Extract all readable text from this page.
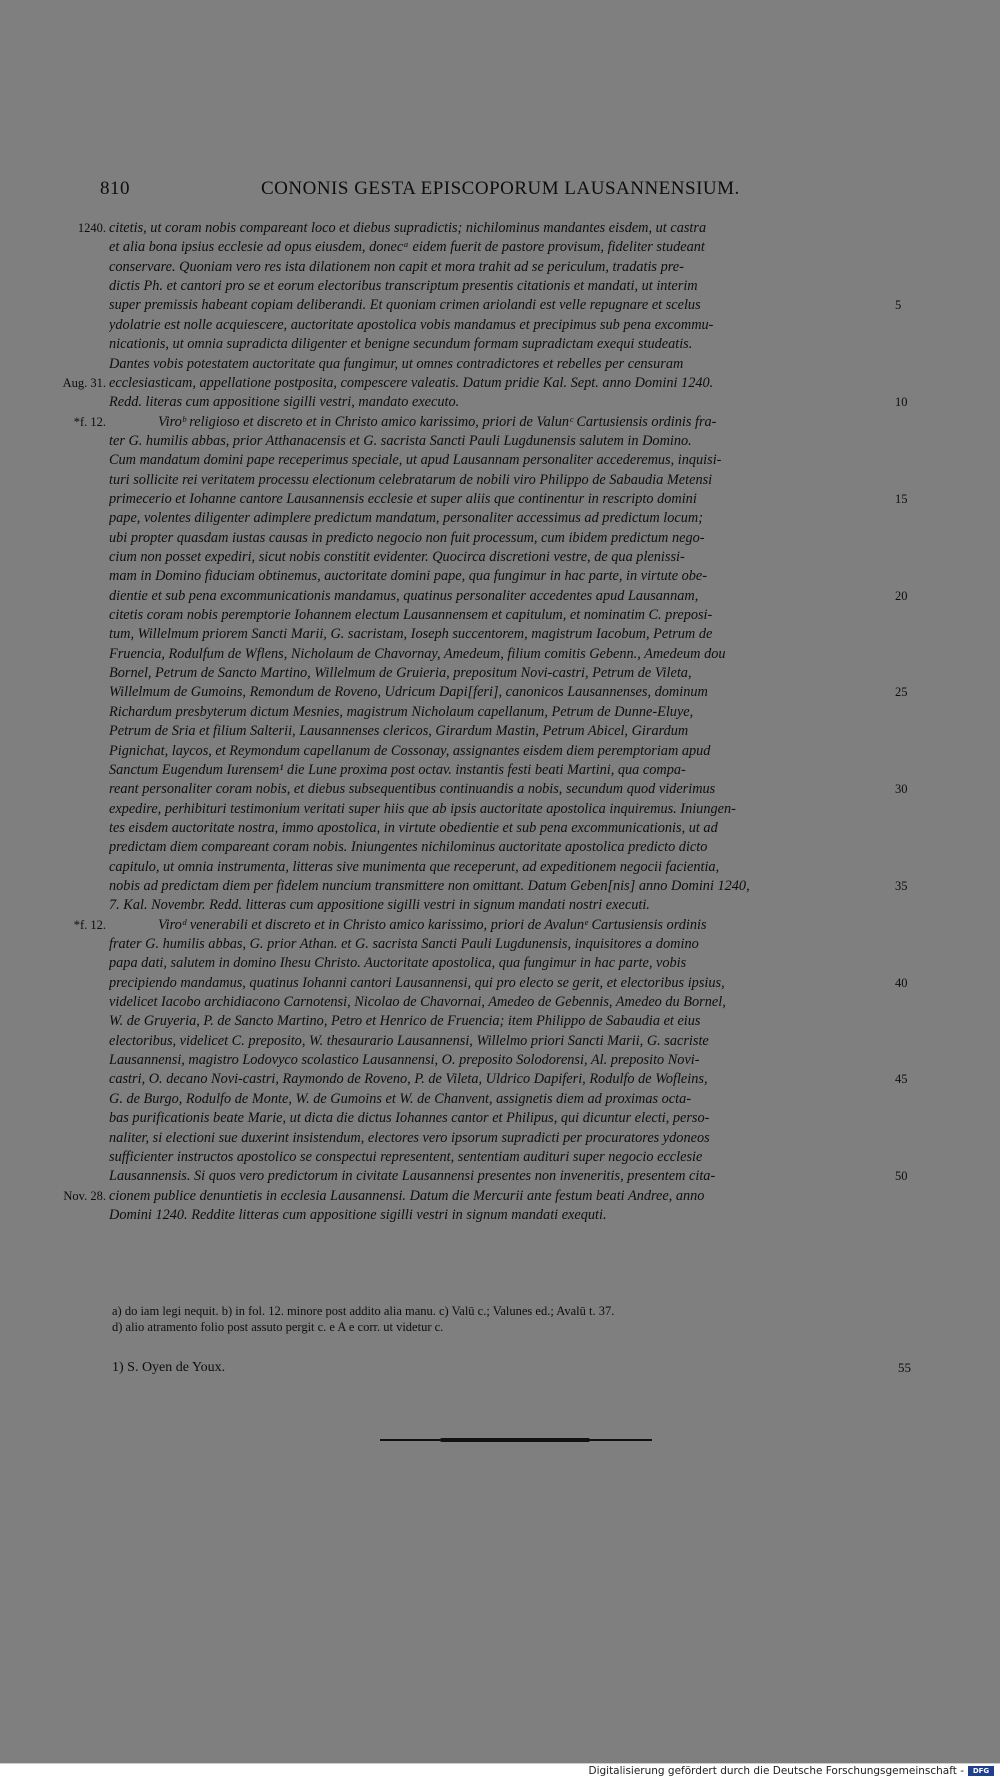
810	CONONIS GESTA EPISCOPORUM LAUSANNENSIUM.
1240. citetis, ut coram nobis compareant loco et diebus supradictis; nichilominus mandantes eisdem, ut castra
et alia bona ipsius ecclesie ad opus eiusdem, donecᵃ eidem fuerit de pastore provisum, fideliter studeant
conservare. Quoniam vero res ista dilationem non capit et mora trahit ad se periculum, tradatis pre-
dictis Ph. et cantori pro se et eorum electoribus transcriptum presentis citationis et mandati, ut interim
super premissis habeant copiam deliberandi. Et quoniam crimen ariolandi est velle repugnare et scelus	5
ydolatrie est nolle acquiescere, auctoritate apostolica vobis mandamus et precipimus sub pena excommu-
nicationis, ut omnia supradicta diligenter et benigne secundum formam supradictam exequi studeatis.
Dantes vobis potestatem auctoritate qua fungimur, ut omnes contradictores et rebelles per censuram
Aug. 31. ecclesiasticam, appellatione postposita, compescere valeatis. Datum pridie Kal. Sept. anno Domini 1240.
Redd. literas cum appositione sigilli vestri, mandato executo.	10
*f. 12.	Viroᵇ religioso et discreto et in Christo amico karissimo, priori de Valunᶜ Cartusiensis ordinis fra-
ter G. humilis abbas, prior Atthanacensis et G. sacrista Sancti Pauli Lugdunensis salutem in Domino.
Cum mandatum domini pape receperimus speciale, ut apud Lausannam personaliter accederemus, inquisi-
turi sollicite rei veritatem processu electionum celebratarum de nobili viro Philippo de Sabaudia Metensi
primecerio et Iohanne cantore Lausannensis ecclesie et super aliis que continentur in rescripto domini	15
pape, volentes diligenter adimplere predictum mandatum, personaliter accessimus ad predictum locum;
ubi propter quasdam iustas causas in predicto negocio non fuit processum, cum ibidem predictum nego-
cium non posset expediri, sicut nobis constitit evidenter. Quocirca discretioni vestre, de qua plenissi-
mam in Domino fiduciam obtinemus, auctoritate domini pape, qua fungimur in hac parte, in virtute obe-
dientie et sub pena excommunicationis mandamus, quatinus personaliter accedentes apud Lausannam,	20
citetis coram nobis peremptorie Iohannem electum Lausannensem et capitulum, et nominatim C. preposi-
tum, Willelmum priorem Sancti Marii, G. sacristam, Ioseph succentorem, magistrum Iacobum, Petrum de
Fruencia, Rodulfum de Wflens, Nicholaum de Chavornay, Amedeum, filium comitis Gebenn., Amedeum dou
Bornel, Petrum de Sancto Martino, Willelmum de Gruieria, prepositum Novi-castri, Petrum de Vileta,
Willelmum de Gumoins, Remondum de Roveno, Udricum Dapi[feri], canonicos Lausannenses, dominum	25
Richardum presbyterum dictum Mesnies, magistrum Nicholaum capellanum, Petrum de Dunne-Eluye,
Petrum de Sria et filium Salterii, Lausannenses clericos, Girardum Mastin, Petrum Abicel, Girardum
Pignichat, laycos, et Reymondum capellanum de Cossonay, assignantes eisdem diem peremptoriam apud
Sanctum Eugendum Iurensem¹ die Lune proxima post octav. instantis festi beati Martini, qua compa-
reant personaliter coram nobis, et diebus subsequentibus continuandis a nobis, secundum quod viderimus	30
expedire, perhibituri testimonium veritati super hiis que ab ipsis auctoritate apostolica inquiremus. Iniungen-
tes eisdem auctoritate nostra, immo apostolica, in virtute obedientie et sub pena excommunicationis, ut ad
predictam diem compareant coram nobis. Iniungentes nichilominus auctoritate apostolica predicto dicto
capitulo, ut omnia instrumenta, litteras sive munimenta que receperunt, ad expeditionem negocii facientia,
nobis ad predictam diem per fidelem nuncium transmittere non omittant. Datum Geben[nis] anno Domini 1240,	35
7. Kal. Novembr. Redd. litteras cum appositione sigilli vestri in signum mandati nostri executi.
*f. 12.	Viroᵈ venerabili et discreto et in Christo amico karissimo, priori de Avalunᵉ Cartusiensis ordinis
frater G. humilis abbas, G. prior Athan. et G. sacrista Sancti Pauli Lugdunensis, inquisitores a domino
papa dati, salutem in domino Ihesu Christo. Auctoritate apostolica, qua fungimur in hac parte, vobis
precipiendo mandamus, quatinus Iohanni cantori Lausannensi, qui pro electo se gerit, et electoribus ipsius,	40
videlicet Iacobo archidiacono Carnotensi, Nicolao de Chavornai, Amedeo de Gebennis, Amedeo du Bornel,
W. de Gruyeria, P. de Sancto Martino, Petro et Henrico de Fruencia; item Philippo de Sabaudia et eius
electoribus, videlicet C. preposito, W. thesaurario Lausannensi, Willelmo priori Sancti Marii, G. sacriste
Lausannensi, magistro Lodovyco scolastico Lausannensi, O. preposito Solodorensi, Al. preposito Novi-
castri, O. decano Novi-castri, Raymondo de Roveno, P. de Vileta, Uldrico Dapiferi, Rodulfo de Wofleins,	45
G. de Burgo, Rodulfo de Monte, W. de Gumoins et W. de Chanvent, assignetis diem ad proximas octa-
bas purificationis beate Marie, ut dicta die dictus Iohannes cantor et Philipus, qui dicuntur electi, perso-
naliter, si electioni sue duxerint insistendum, electores vero ipsorum supradicti per procuratores ydoneos
sufficienter instructos apostolico se conspectui representent, sententiam audituri super negocio ecclesie
Lausannensis. Si quos vero predictorum in civitate Lausannensi presentes non inveneritis, presentem cita-	50
Nov. 28. cionem publice denuntietis in ecclesia Lausannensi. Datum die Mercurii ante festum beati Andree, anno
Domini 1240. Reddite litteras cum appositione sigilli vestri in signum mandati exequti.
a) do iam legi nequit. b) in fol. 12. minore post addito alia manu. c) Valū c.; Valunes ed.; Avalū t. 37.
d) alio atramento folio post assuto pergit c. e A e corr. ut videtur c.
1) S. Oyen de Youx.	55
Digitalisierung gefördert durch die Deutsche Forschungsgemeinschaft -	DFG
